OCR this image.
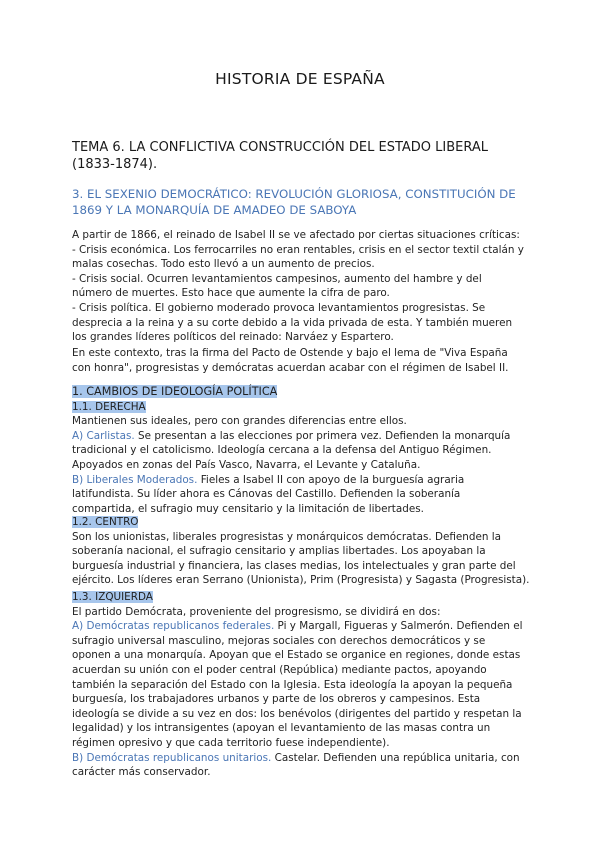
HISTORIA DE ESPAÑA
TEMA 6. LA CONFLICTIVA CONSTRUCCIÓN DEL ESTADO LIBERAL
(1833-1874).
3. EL SEXENIO DEMOCRÁTICO: REVOLUCIÓN GLORIOSA, CONSTITUCIÓN DE
1869 Y LA MONARQUÍA DE AMADEO DE SABOYA

A partir de 1866, el reinado de Isabel II se ve afectado por ciertas situaciones críticas:

- Crisis económica. Los ferrocarriles no eran rentables, crisis en el sector textil ctalán y

malas cosechas. Todo esto llevó a un aumento de precios.

- Crisis social. Ocurren levantamientos campesinos, aumento del hambre y del

número de muertes. Esto hace que aumente la cifra de paro.

- Crisis política. El gobierno moderado provoca levantamientos progresistas. Se

desprecia a la reina y a su corte debido a la vida privada de esta. Y también mueren

los grandes líderes políticos del reinado: Narváez y Espartero.

En este contexto, tras la firma del Pacto de Ostende y bajo el lema de "Viva España

con honra", progresistas y demócratas acuerdan acabar con el régimen de Isabel II.

1. CAMBIOS DE IDEOLOGÍA POLÍTICA

1.1. DERECHA

Mantienen sus ideales, pero con grandes diferencias entre ellos.

A) Carlistas. Se presentan a las elecciones por primera vez. Defienden la monarquía

tradicional y el catolicismo. Ideología cercana a la defensa del Antiguo Régimen.

Apoyados en zonas del País Vasco, Navarra, el Levante y Cataluña.

B) Liberales Moderados. Fieles a Isabel II con apoyo de la burguesía agraria

latifundista. Su líder ahora es Cánovas del Castillo. Defienden la soberanía

compartida, el sufragio muy censitario y la limitación de libertades.

1.2. CENTRO

Son los unionistas, liberales progresistas y monárquicos demócratas. Defienden la

soberanía nacional, el sufragio censitario y amplias libertades. Los apoyaban la

burguesía industrial y financiera, las clases medias, los intelectuales y gran parte del

ejército. Los líderes eran Serrano (Unionista), Prim (Progresista) y Sagasta (Progresista).

1.3. IZQUIERDA

El partido Demócrata, proveniente del progresismo, se dividirá en dos:

A) Demócratas republicanos federales. Pi y Margall, Figueras y Salmerón. Defienden el

sufragio universal masculino, mejoras sociales con derechos democráticos y se

oponen a una monarquía. Apoyan que el Estado se organice en regiones, donde estas

acuerdan su unión con el poder central (República) mediante pactos, apoyando

también la separación del Estado con la Iglesia. Esta ideología la apoyan la pequeña

burguesía, los trabajadores urbanos y parte de los obreros y campesinos. Esta

ideología se divide a su vez en dos: los benévolos (dirigentes del partido y respetan la

legalidad) y los intransigentes (apoyan el levantamiento de las masas contra un

régimen opresivo y que cada territorio fuese independiente).

B) Demócratas republicanos unitarios. Castelar. Defienden una república unitaria, con

carácter más conservador.
